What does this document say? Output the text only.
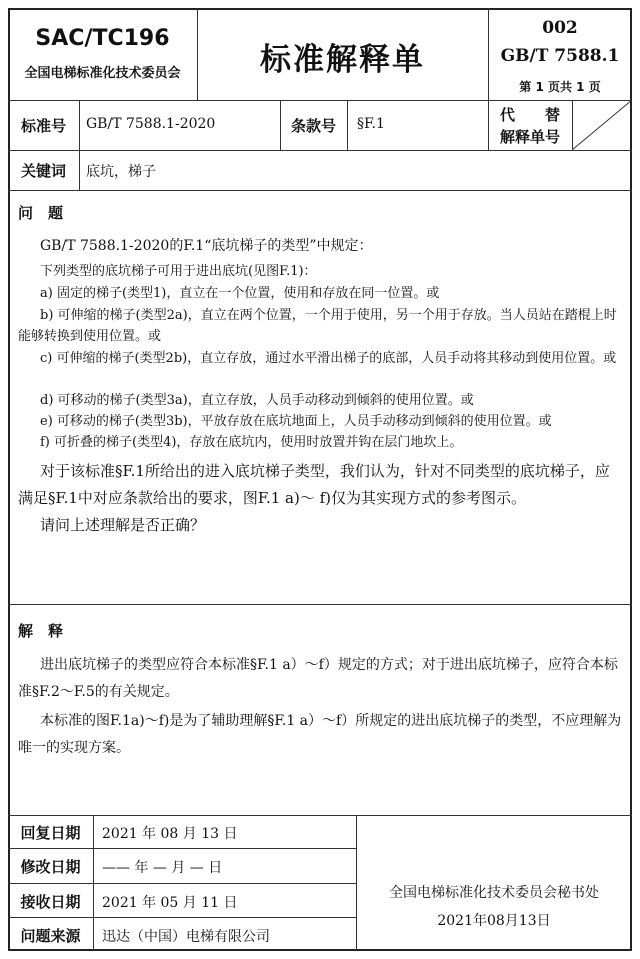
SAC/TC196
全国电梯标准化技术委员会	标准解释单
002
GB/T 7588.1
第 1 页共 1 页
标准号	GB/T 7588.1-2020	条款号	§F.1	代　　替
解释单号
关键词	底坑，梯子
问　题
GB/T 7588.1-2020的F.1“底坑梯子的类型”中规定：
下列类型的底坑梯子可用于进出底坑(见图F.1)：
a) 固定的梯子(类型1)，直立在一个位置，使用和存放在同一位置。或
b) 可伸缩的梯子(类型2a)，直立在两个位置，一个用于使用，另一个用于存放。当人员站在踏棍上时能够转换到使用位置。或
c) 可伸缩的梯子(类型2b)，直立存放，通过水平滑出梯子的底部，人员手动将其移动到使用位置。或
d) 可移动的梯子(类型3a)，直立存放，人员手动移动到倾斜的使用位置。或
e) 可移动的梯子(类型3b)，平放存放在底坑地面上，人员手动移动到倾斜的使用位置。或
f) 可折叠的梯子(类型4)，存放在底坑内，使用时放置并钩在层门地坎上。
对于该标准§F.1所给出的进入底坑梯子类型，我们认为，针对不同类型的底坑梯子，应满足§F.1中对应条款给出的要求，图F.1 a)～ f)仅为其实现方式的参考图示。
请问上述理解是否正确？
解　释
进出底坑梯子的类型应符合本标准§F.1 a）～f）规定的方式；对于进出底坑梯子，应符合本标准§F.2～F.5的有关规定。
本标准的图F.1a)～f)是为了辅助理解§F.1 a）～f）所规定的进出底坑梯子的类型，不应理解为唯一的实现方案。
回复日期	2021 年 08 月 13 日
修改日期	—— 年 — 月 — 日
接收日期	2021 年 05 月 11 日
问题来源	迅达（中国）电梯有限公司
全国电梯标准化技术委员会秘书处
2021年08月13日
